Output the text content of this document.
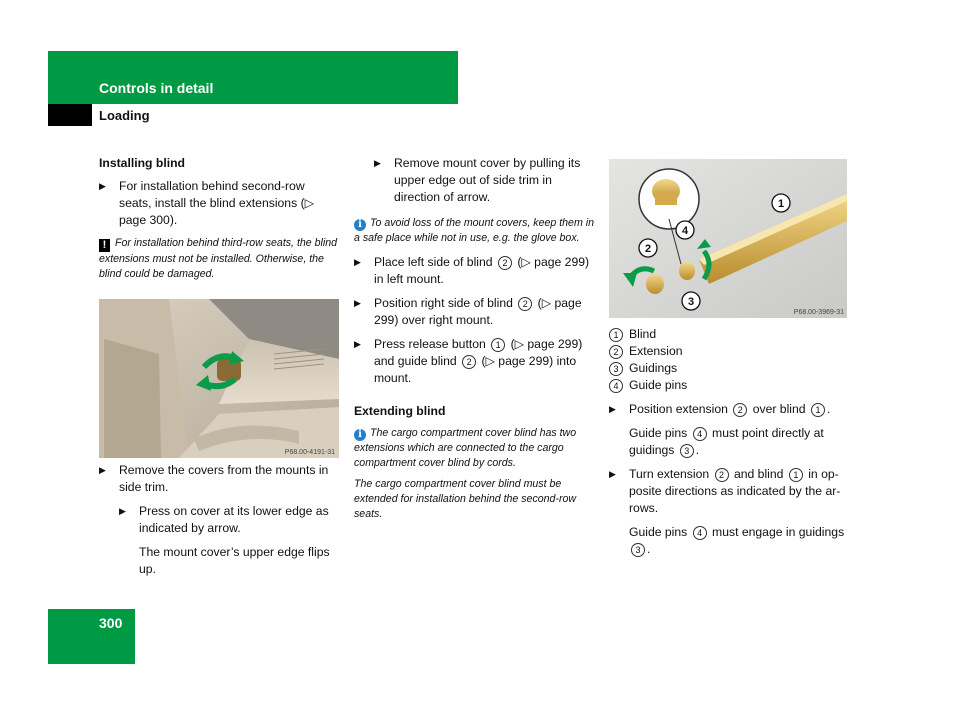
Controls in detail
Loading
Installing blind
▶ For installation behind second-row seats, install the blind extensions (▷ page 300).
! For installation behind third-row seats, the blind extensions must not be installed. Otherwise, the blind could be damaged.
P68.00-4191-31
▶ Remove the covers from the mounts in side trim.
▶ Press on cover at its lower edge as indicated by arrow.
The mount cover’s upper edge flips up.
▶	Remove mount cover by pulling its upper edge out of side trim in direction of arrow.
i To avoid loss of the mount covers, keep them in a safe place while not in use, e.g. the glove box.
▶ Place left side of blind 2 (▷ page 299) in left mount.
▶ Position right side of blind 2 (▷ page 299) over right mount.
▶ Press release button 1 (▷ page 299) and guide blind 2 (▷ page 299) into mount.
Extending blind
i The cargo compartment cover blind has two extensions which are connected to the cargo compartment cover blind by cords.
The cargo compartment cover blind must be extended for installation behind the second-row seats.
1
2
3
4
P68.00-3969-31
1 Blind
2 Extension
3 Guidings
4 Guide pins
▶ Position extension 2 over blind 1 .
Guide pins 4 must point directly at guidings 3 .
▶ Turn extension 2 and blind 1 in op-posite directions as indicated by the ar-rows.
Guide pins 4 must engage in guidings 3 .
300
